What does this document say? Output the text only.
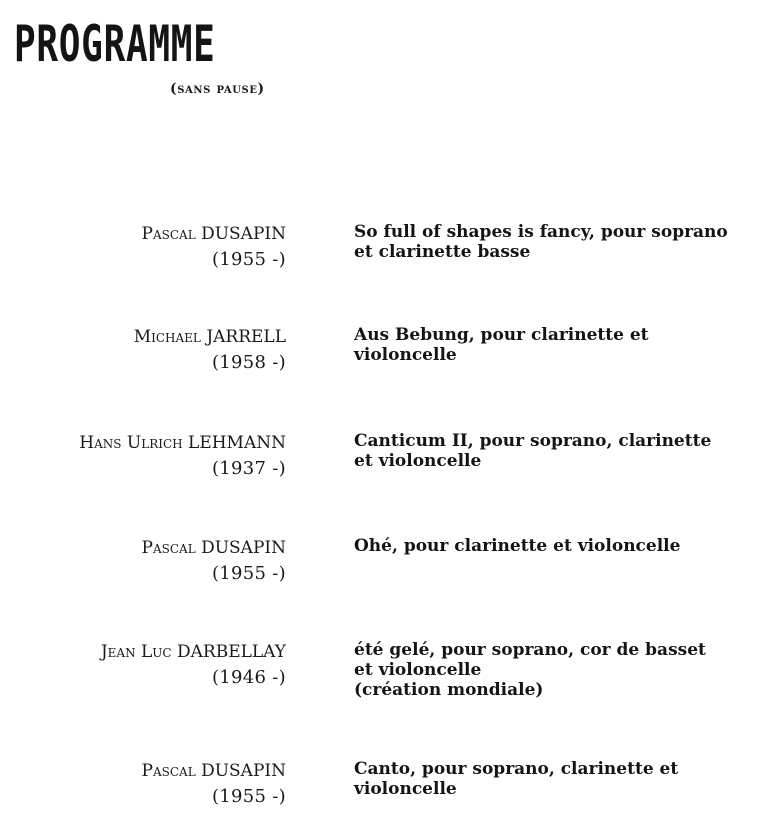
PROGRAMME
(sans pause)
Pascal DUSAPIN
(1955 -)
So full of shapes is fancy, pour soprano
et clarinette basse
Michael JARRELL
(1958 -)
Aus Bebung, pour clarinette et
violoncelle
Hans Ulrich LEHMANN
(1937 -)
Canticum II, pour soprano, clarinette
et violoncelle
Pascal DUSAPIN
(1955 -)
Ohé, pour clarinette et violoncelle
Jean Luc DARBELLAY
(1946 -)
été gelé, pour soprano, cor de basset
et violoncelle
(création mondiale)
Pascal DUSAPIN
(1955 -)
Canto, pour soprano, clarinette et
violoncelle
